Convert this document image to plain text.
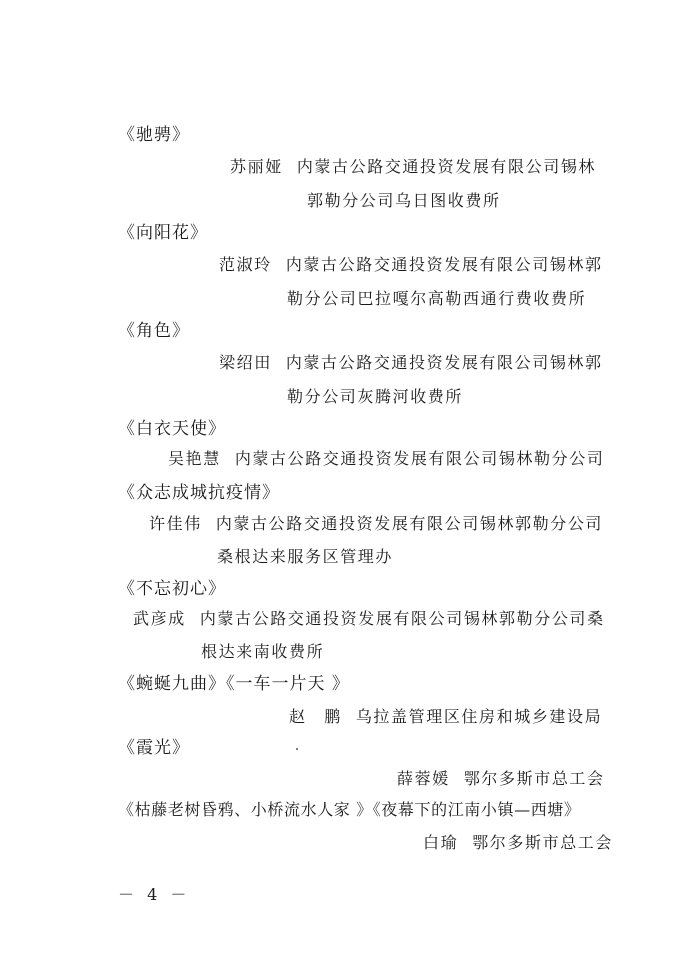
《驰骋》
苏丽娅 内蒙古公路交通投资发展有限公司锡林
郭勒分公司乌日图收费所
《向阳花》
范淑玲 内蒙古公路交通投资发展有限公司锡林郭
勒分公司巴拉嘎尔高勒西通行费收费所
《角色》
梁绍田 内蒙古公路交通投资发展有限公司锡林郭
勒分公司灰腾河收费所
《白衣天使》
吴艳慧 内蒙古公路交通投资发展有限公司锡林勒分公司
《众志成城抗疫情》
许佳伟 内蒙古公路交通投资发展有限公司锡林郭勒分公司
桑根达来服务区管理办
《不忘初心》
武彦成 内蒙古公路交通投资发展有限公司锡林郭勒分公司桑
根达来南收费所
《蜿蜒九曲》《一车一片天 》
赵　鹏 乌拉盖管理区住房和城乡建设局
《霞光》
薛蓉媛 鄂尔多斯市总工会
《枯藤老树昏鸦、小桥流水人家 》《夜幕下的江南小镇—西塘》
白瑜 鄂尔多斯市总工会
－ 4 －
